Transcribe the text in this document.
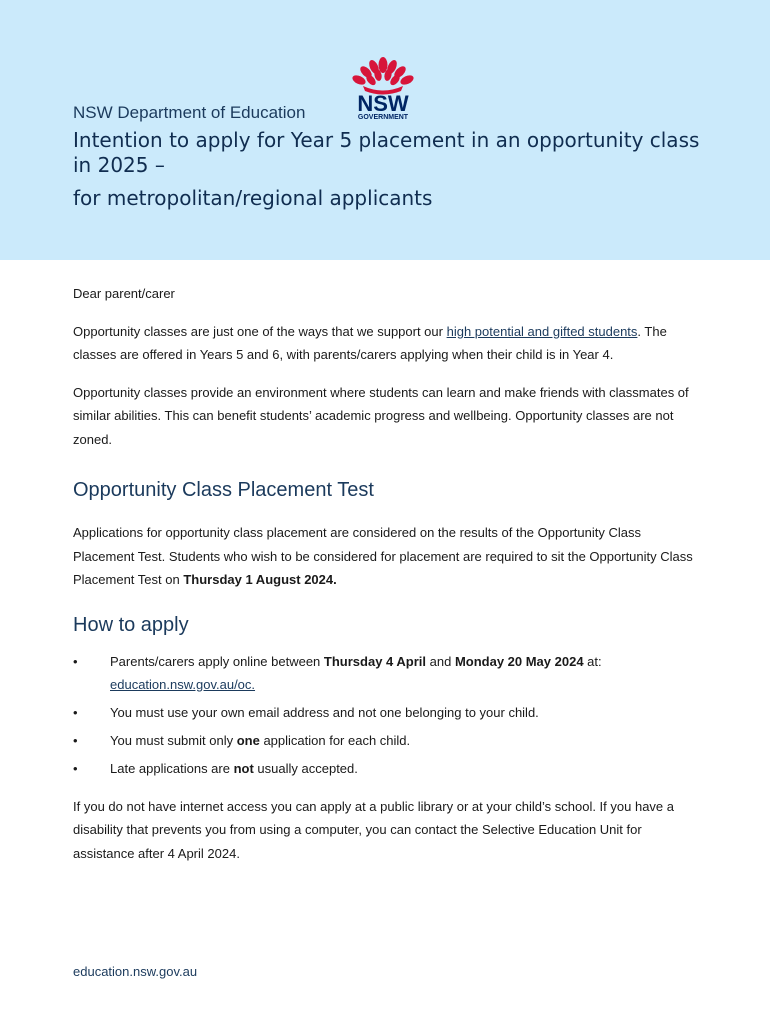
NSW Department of Education NSW
GOVERNMENT
Intention to apply for Year 5 placement in an opportunity class in 2025 –
for metropolitan/regional applicants

Dear parent/carer

Opportunity classes are just one of the ways that we support our high potential and gifted students. The classes are offered in Years 5 and 6, with parents/carers applying when their child is in Year 4.

Opportunity classes provide an environment where students can learn and make friends with classmates of similar abilities. This can benefit students’ academic progress and wellbeing. Opportunity classes are not zoned.

Opportunity Class Placement Test

Applications for opportunity class placement are considered on the results of the Opportunity Class Placement Test. Students who wish to be considered for placement are required to sit the Opportunity Class Placement Test on Thursday 1 August 2024.

How to apply
• Parents/carers apply online between Thursday 4 April and Monday 20 May 2024 at: education.nsw.gov.au/oc.
• You must use your own email address and not one belonging to your child.
• You must submit only one application for each child.
• Late applications are not usually accepted.

If you do not have internet access you can apply at a public library or at your child’s school. If you have a disability that prevents you from using a computer, you can contact the Selective Education Unit for assistance after 4 April 2024.

education.nsw.gov.au
